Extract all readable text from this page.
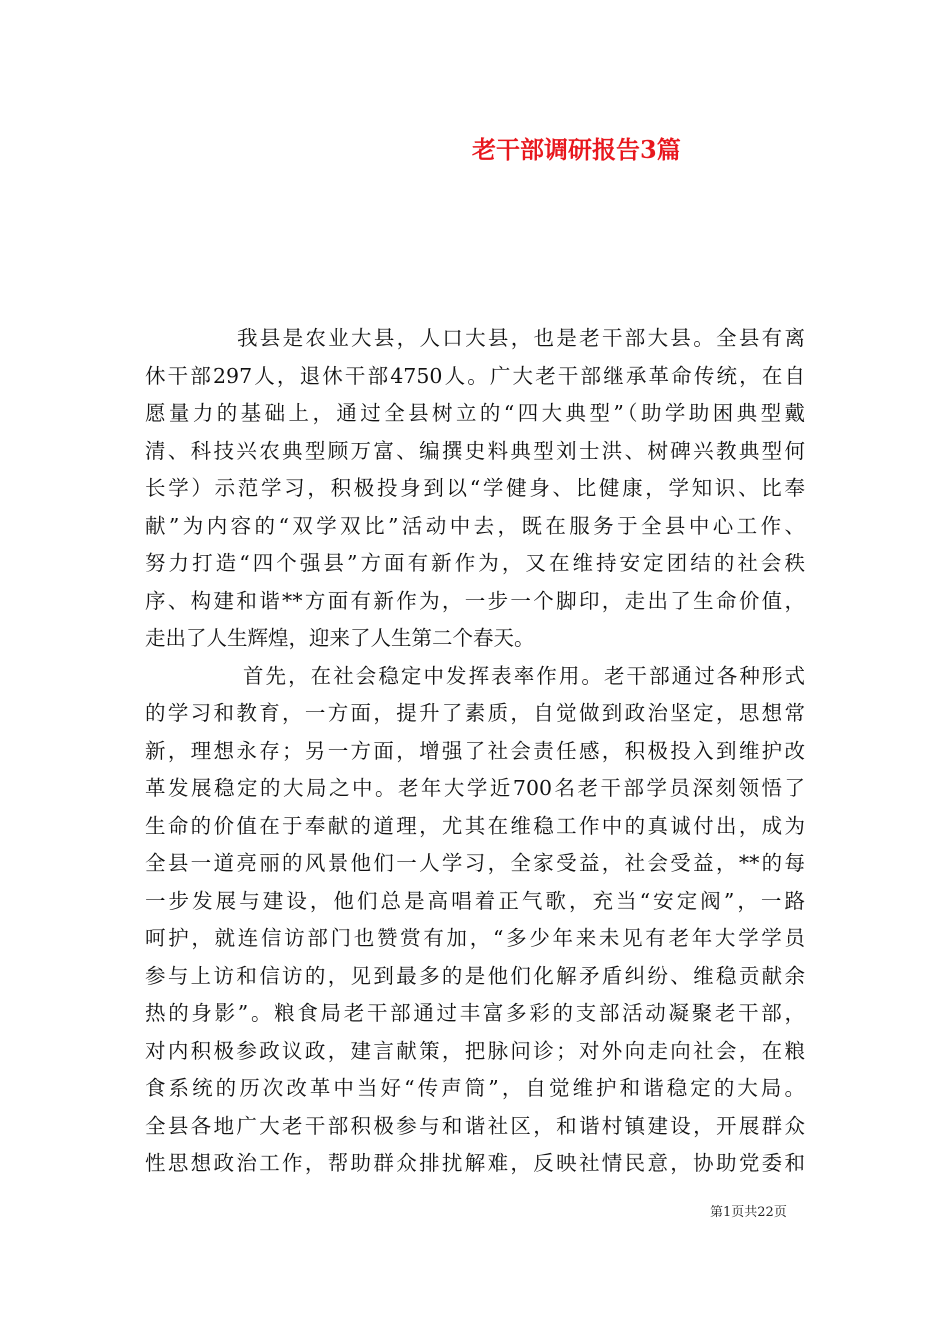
老干部调研报告3篇
我县是农业大县，人口大县，也是老干部大县。全县有离
休干部297人，退休干部4750人。广大老干部继承革命传统，在自
愿量力的基础上，通过全县树立的“四大典型”（助学助困典型戴
清、科技兴农典型顾万富、编撰史料典型刘士洪、树碑兴教典型何
长学）示范学习，积极投身到以“学健身、比健康，学知识、比奉
献”为内容的“双学双比”活动中去，既在服务于全县中心工作、
努力打造“四个强县”方面有新作为，又在维持安定团结的社会秩
序、构建和谐**方面有新作为，一步一个脚印，走出了生命价值，
走出了人生辉煌，迎来了人生第二个春天。
首先，在社会稳定中发挥表率作用。老干部通过各种形式
的学习和教育，一方面，提升了素质，自觉做到政治坚定，思想常
新，理想永存；另一方面，增强了社会责任感，积极投入到维护改
革发展稳定的大局之中。老年大学近700名老干部学员深刻领悟了
生命的价值在于奉献的道理，尤其在维稳工作中的真诚付出，成为
全县一道亮丽的风景他们一人学习，全家受益，社会受益，**的每
一步发展与建设，他们总是高唱着正气歌，充当“安定阀”，一路
呵护，就连信访部门也赞赏有加，“多少年来未见有老年大学学员
参与上访和信访的，见到最多的是他们化解矛盾纠纷、维稳贡献余
热的身影”。粮食局老干部通过丰富多彩的支部活动凝聚老干部，
对内积极参政议政，建言献策，把脉问诊；对外向走向社会，在粮
食系统的历次改革中当好“传声筒”，自觉维护和谐稳定的大局。
全县各地广大老干部积极参与和谐社区，和谐村镇建设，开展群众
性思想政治工作，帮助群众排扰解难，反映社情民意，协助党委和
第1页共22页
